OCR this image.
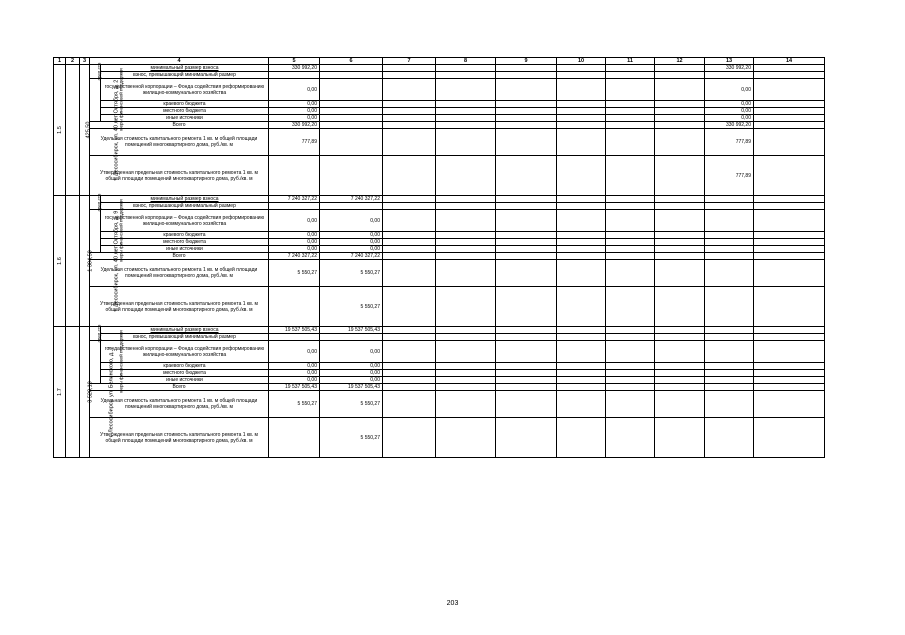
1	2	3	4		5	6	7	8	9	10	11	12	13	14	
1.5	г. Лесосибирск, ул. 40 лет Октября, д. 2	425,50	сред ств	минимальный размер взноса	330 992,20								330 992,20		
				взнос, превышающий минимальный размер											
			меры финансовой поддержки	государственной корпорации – Фонда содействия реформированию жилищно-коммунального хозяйства	0,00								0,00		
				краевого бюджета	0,00								0,00		
				местного бюджета	0,00								0,00		
				иные источники	0,00								0,00		
			Всего		330 992,20								330 992,20		
			Удельная стоимость капитального ремонта 1 кв. м общей площади помещений многоквартирного дома, руб./кв. м		777,89								777,89		
			Утвержденная предельная стоимость капитального ремонта 1 кв. м общей площади помещений многоквартирного дома, руб./кв. м										777,89		
1.6	г. Лесосибирск, ул. 40 лет Октября, д. 9	1 304,50	сред ств	минимальный размер взноса	7 240 327,22	7 240 327,22									
				взнос, превышающий минимальный размер											
			меры финансовой поддержки	государственной корпорации – Фонда содействия реформированию жилищно-коммунального хозяйства	0,00	0,00									
				краевого бюджета	0,00	0,00									
				местного бюджета	0,00	0,00									
				иные источники	0,00	0,00									
			Всего		7 240 327,22	7 240 327,22									
			Удельная стоимость капитального ремонта 1 кв. м общей площади помещений многоквартирного дома, руб./кв. м		5 550,27	5 550,27									
			Утвержденная предельная стоимость капитального ремонта 1 кв. м общей площади помещений многоквартирного дома, руб./кв. м			5 550,27									
1.7	г. Лесосибирск, ул. Белинского, д. 7	3 520,10	сред ств	минимальный размер взноса	19 537 505,43	19 537 505,43									
				взнос, превышающий минимальный размер											
			меры финансовой поддержки	государственной корпорации – Фонда содействия реформированию жилищно-коммунального хозяйства	0,00	0,00									
				краевого бюджета	0,00	0,00									
				местного бюджета	0,00	0,00									
				иные источники	0,00	0,00									
			Всего		19 537 505,43	19 537 505,43									
			Удельная стоимость капитального ремонта 1 кв. м общей площади помещений многоквартирного дома, руб./кв. м		5 550,27	5 550,27									
			Утвержденная предельная стоимость капитального ремонта 1 кв. м общей площади помещений многоквартирного дома, руб./кв. м			5 550,27									
203
